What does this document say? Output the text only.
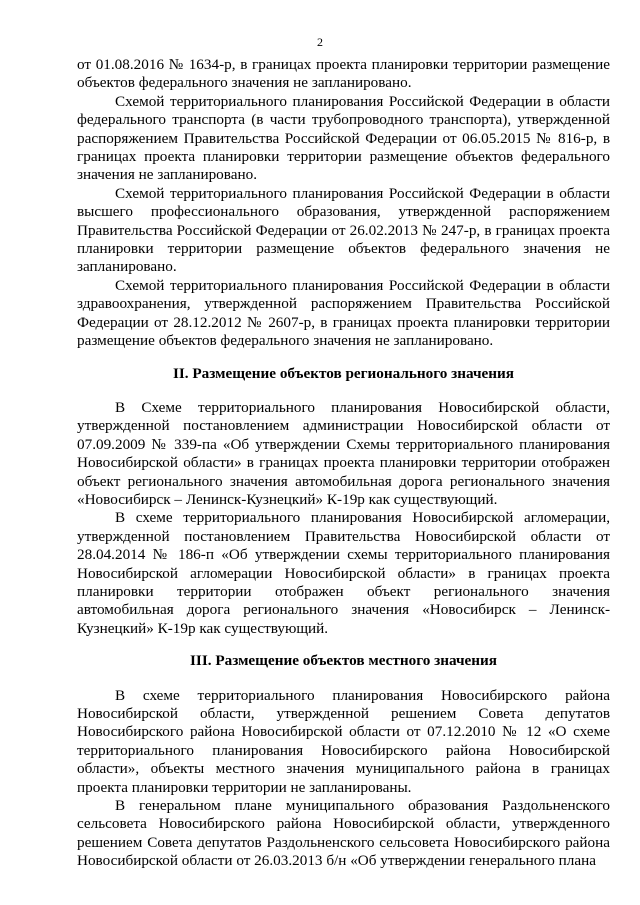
2

от 01.08.2016 № 1634-р, в границах проекта планировки территории размещение объектов федерального значения не запланировано.

Схемой территориального планирования Российской Федерации в области федерального транспорта (в части трубопроводного транспорта), утвержденной распоряжением Правительства Российской Федерации от 06.05.2015 № 816-р, в границах проекта планировки территории размещение объектов федерального значения не запланировано.

Схемой территориального планирования Российской Федерации в области высшего профессионального образования, утвержденной распоряжением Правительства Российской Федерации от 26.02.2013 № 247-р, в границах проекта планировки территории размещение объектов федерального значения не запланировано.

Схемой территориального планирования Российской Федерации в области здравоохранения, утвержденной распоряжением Правительства Российской Федерации от 28.12.2012 № 2607-р, в границах проекта планировки территории размещение объектов федерального значения не запланировано.

II. Размещение объектов регионального значения

В Схеме территориального планирования Новосибирской области, утвержденной постановлением администрации Новосибирской области от 07.09.2009 № 339-па «Об утверждении Схемы территориального планирования Новосибирской области» в границах проекта планировки территории отображен объект регионального значения автомобильная дорога регионального значения «Новосибирск – Ленинск-Кузнецкий» К-19р как существующий.

В схеме территориального планирования Новосибирской агломерации, утвержденной постановлением Правительства Новосибирской области от 28.04.2014 № 186-п «Об утверждении схемы территориального планирования Новосибирской агломерации Новосибирской области» в границах проекта планировки территории отображен объект регионального значения автомобильная дорога регионального значения «Новосибирск – Ленинск-Кузнецкий» К-19р как существующий.

III. Размещение объектов местного значения

В схеме территориального планирования Новосибирского района Новосибирской области, утвержденной решением Совета депутатов Новосибирского района Новосибирской области от 07.12.2010 № 12 «О схеме территориального планирования Новосибирского района Новосибирской области», объекты местного значения муниципального района в границах проекта планировки территории не запланированы.

В генеральном плане муниципального образования Раздольненского сельсовета Новосибирского района Новосибирской области, утвержденного решением Совета депутатов Раздольненского сельсовета Новосибирского района Новосибирской области от 26.03.2013 б/н «Об утверждении генерального плана
